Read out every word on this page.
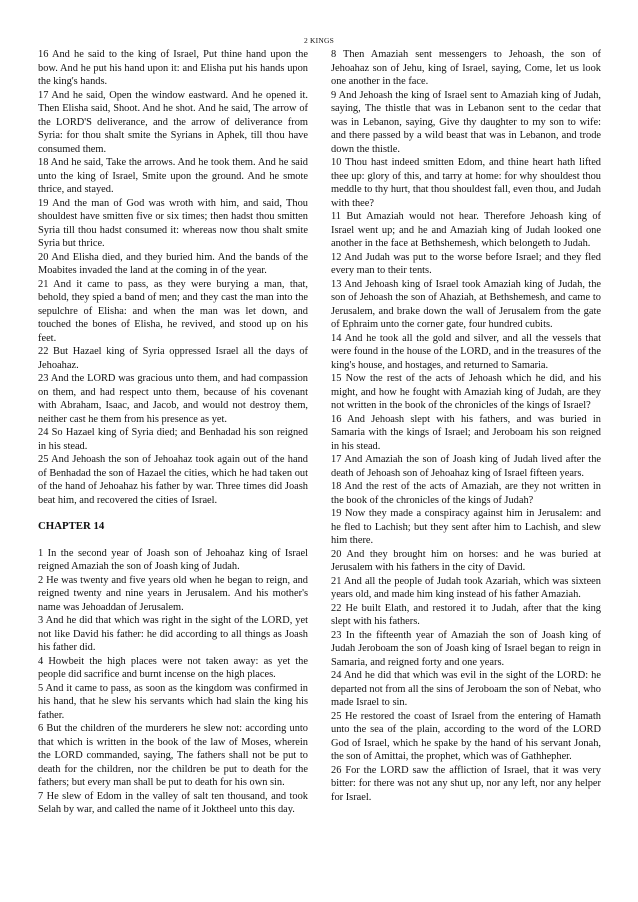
2 KINGS

16 And he said to the king of Israel, Put thine hand upon the bow. And he put his hand upon it: and Elisha put his hands upon the king's hands.

17 And he said, Open the window eastward. And he opened it. Then Elisha said, Shoot. And he shot. And he said, The arrow of the LORD'S deliverance, and the arrow of deliverance from Syria: for thou shalt smite the Syrians in Aphek, till thou have consumed them.

18 And he said, Take the arrows. And he took them. And he said unto the king of Israel, Smite upon the ground. And he smote thrice, and stayed.

19 And the man of God was wroth with him, and said, Thou shouldest have smitten five or six times; then hadst thou smitten Syria till thou hadst consumed it: whereas now thou shalt smite Syria but thrice.

20 And Elisha died, and they buried him. And the bands of the Moabites invaded the land at the coming in of the year.

21 And it came to pass, as they were burying a man, that, behold, they spied a band of men; and they cast the man into the sepulchre of Elisha: and when the man was let down, and touched the bones of Elisha, he revived, and stood up on his feet.

22 But Hazael king of Syria oppressed Israel all the days of Jehoahaz.

23 And the LORD was gracious unto them, and had compassion on them, and had respect unto them, because of his covenant with Abraham, Isaac, and Jacob, and would not destroy them, neither cast he them from his presence as yet.

24 So Hazael king of Syria died; and Benhadad his son reigned in his stead.

25 And Jehoash the son of Jehoahaz took again out of the hand of Benhadad the son of Hazael the cities, which he had taken out of the hand of Jehoahaz his father by war. Three times did Joash beat him, and recovered the cities of Israel.

CHAPTER 14

1 In the second year of Joash son of Jehoahaz king of Israel reigned Amaziah the son of Joash king of Judah.

2 He was twenty and five years old when he began to reign, and reigned twenty and nine years in Jerusalem. And his mother's name was Jehoaddan of Jerusalem.

3 And he did that which was right in the sight of the LORD, yet not like David his father: he did according to all things as Joash his father did.

4 Howbeit the high places were not taken away: as yet the people did sacrifice and burnt incense on the high places.

5 And it came to pass, as soon as the kingdom was confirmed in his hand, that he slew his servants which had slain the king his father.

6 But the children of the murderers he slew not: according unto that which is written in the book of the law of Moses, wherein the LORD commanded, saying, The fathers shall not be put to death for the children, nor the children be put to death for the fathers; but every man shall be put to death for his own sin.

7 He slew of Edom in the valley of salt ten thousand, and took Selah by war, and called the name of it Joktheel unto this day.

8 Then Amaziah sent messengers to Jehoash, the son of Jehoahaz son of Jehu, king of Israel, saying, Come, let us look one another in the face.

9 And Jehoash the king of Israel sent to Amaziah king of Judah, saying, The thistle that was in Lebanon sent to the cedar that was in Lebanon, saying, Give thy daughter to my son to wife: and there passed by a wild beast that was in Lebanon, and trode down the thistle.

10 Thou hast indeed smitten Edom, and thine heart hath lifted thee up: glory of this, and tarry at home: for why shouldest thou meddle to thy hurt, that thou shouldest fall, even thou, and Judah with thee?

11 But Amaziah would not hear. Therefore Jehoash king of Israel went up; and he and Amaziah king of Judah looked one another in the face at Bethshemesh, which belongeth to Judah.

12 And Judah was put to the worse before Israel; and they fled every man to their tents.

13 And Jehoash king of Israel took Amaziah king of Judah, the son of Jehoash the son of Ahaziah, at Bethshemesh, and came to Jerusalem, and brake down the wall of Jerusalem from the gate of Ephraim unto the corner gate, four hundred cubits.

14 And he took all the gold and silver, and all the vessels that were found in the house of the LORD, and in the treasures of the king's house, and hostages, and returned to Samaria.

15 Now the rest of the acts of Jehoash which he did, and his might, and how he fought with Amaziah king of Judah, are they not written in the book of the chronicles of the kings of Israel?

16 And Jehoash slept with his fathers, and was buried in Samaria with the kings of Israel; and Jeroboam his son reigned in his stead.

17 And Amaziah the son of Joash king of Judah lived after the death of Jehoash son of Jehoahaz king of Israel fifteen years.

18 And the rest of the acts of Amaziah, are they not written in the book of the chronicles of the kings of Judah?

19 Now they made a conspiracy against him in Jerusalem: and he fled to Lachish; but they sent after him to Lachish, and slew him there.

20 And they brought him on horses: and he was buried at Jerusalem with his fathers in the city of David.

21 And all the people of Judah took Azariah, which was sixteen years old, and made him king instead of his father Amaziah.

22 He built Elath, and restored it to Judah, after that the king slept with his fathers.

23 In the fifteenth year of Amaziah the son of Joash king of Judah Jeroboam the son of Joash king of Israel began to reign in Samaria, and reigned forty and one years.

24 And he did that which was evil in the sight of the LORD: he departed not from all the sins of Jeroboam the son of Nebat, who made Israel to sin.

25 He restored the coast of Israel from the entering of Hamath unto the sea of the plain, according to the word of the LORD God of Israel, which he spake by the hand of his servant Jonah, the son of Amittai, the prophet, which was of Gathhepher.

26 For the LORD saw the affliction of Israel, that it was very bitter: for there was not any shut up, nor any left, nor any helper for Israel.
